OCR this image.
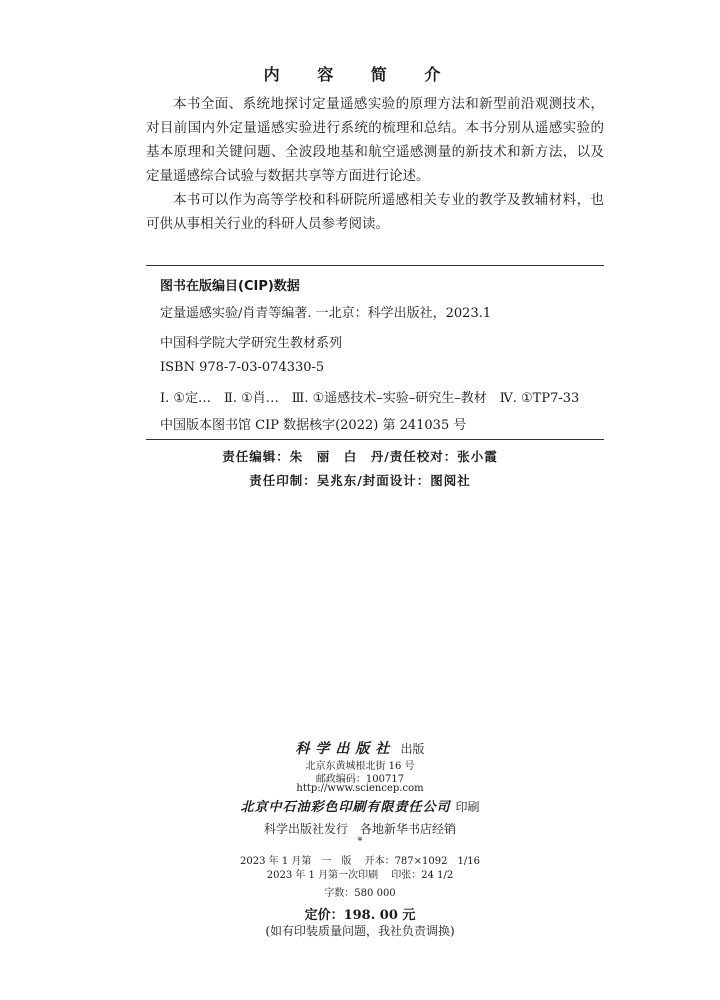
内 容 简 介

本书全面、系统地探讨定量遥感实验的原理方法和新型前沿观测技术，对目前国内外定量遥感实验进行系统的梳理和总结。本书分别从遥感实验的基本原理和关键问题、全波段地基和航空遥感测量的新技术和新方法，以及定量遥感综合试验与数据共享等方面进行论述。

本书可以作为高等学校和科研院所遥感相关专业的教学及教辅材料，也可供从事相关行业的科研人员参考阅读。

图书在版编目(CIP)数据
定量遥感实验/肖青等编著. 一北京：科学出版社，2023.1
中国科学院大学研究生教材系列
ISBN 978-7-03-074330-5
Ⅰ. ①定…　Ⅱ. ①肖…　Ⅲ. ①遥感技术–实验–研究生–教材　Ⅳ. ①TP7-33
中国版本图书馆 CIP 数据核字(2022) 第 241035 号
责任编辑：朱　丽　白　丹/责任校对：张小霞
责任印制：吴兆东/封面设计：图阅社
科学出版社 出版
北京东黄城根北街 16 号
邮政编码：100717
http://www.sciencep.com
北京中石油彩色印刷有限责任公司 印刷
科学出版社发行　各地新华书店经销
*
2023 年 1 月第　一　版　 开本：787×1092　1/16
2023 年 1 月第一次印刷　 印张：24 1/2
字数：580 000
定价：198. 00 元
(如有印装质量问题，我社负责调换)
